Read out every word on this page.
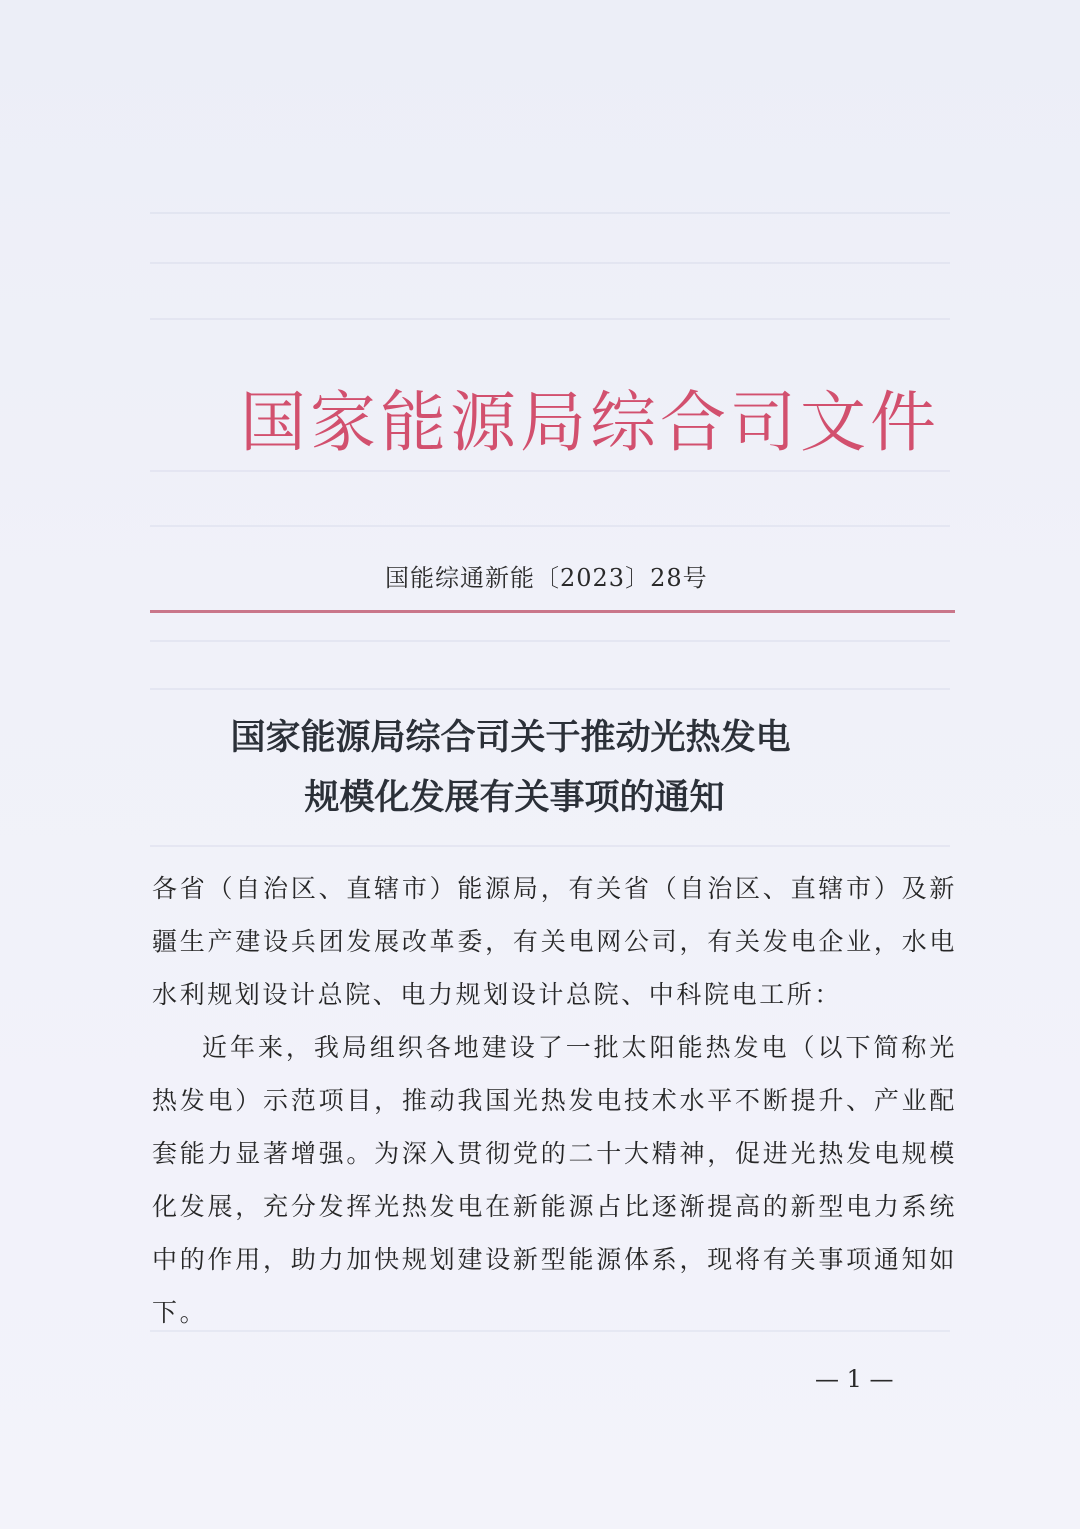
国家能源局综合司文件
国能综通新能〔2023〕28号
国家能源局综合司关于推动光热发电
规模化发展有关事项的通知
各省（自治区、直辖市）能源局，有关省（自治区、直辖市）及新疆生产建设兵团发展改革委，有关电网公司，有关发电企业，水电水利规划设计总院、电力规划设计总院、中科院电工所：
近年来，我局组织各地建设了一批太阳能热发电（以下简称光热发电）示范项目，推动我国光热发电技术水平不断提升、产业配套能力显著增强。为深入贯彻党的二十大精神，促进光热发电规模化发展，充分发挥光热发电在新能源占比逐渐提高的新型电力系统中的作用，助力加快规划建设新型能源体系，现将有关事项通知如下。
— 1 —
